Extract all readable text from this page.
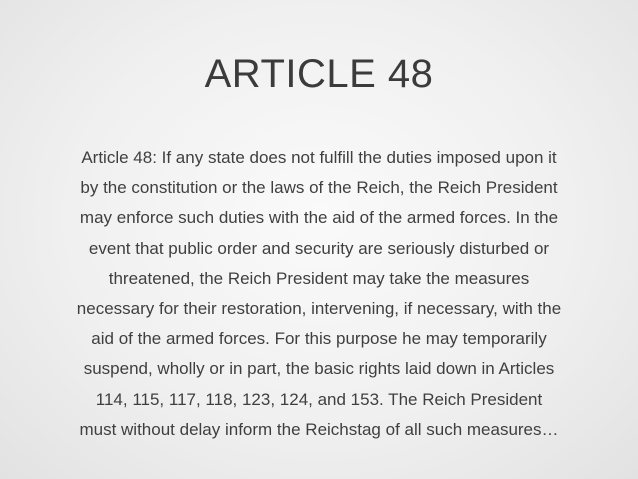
ARTICLE 48
Article 48: If any state does not fulfill the duties imposed upon it
by the constitution or the laws of the Reich, the Reich President
may enforce such duties with the aid of the armed forces. In the
event that public order and security are seriously disturbed or
threatened, the Reich President may take the measures
necessary for their restoration, intervening, if necessary, with the
aid of the armed forces. For this purpose he may temporarily
suspend, wholly or in part, the basic rights laid down in Articles
114, 115, 117, 118, 123, 124, and 153. The Reich President
must without delay inform the Reichstag of all such measures…
